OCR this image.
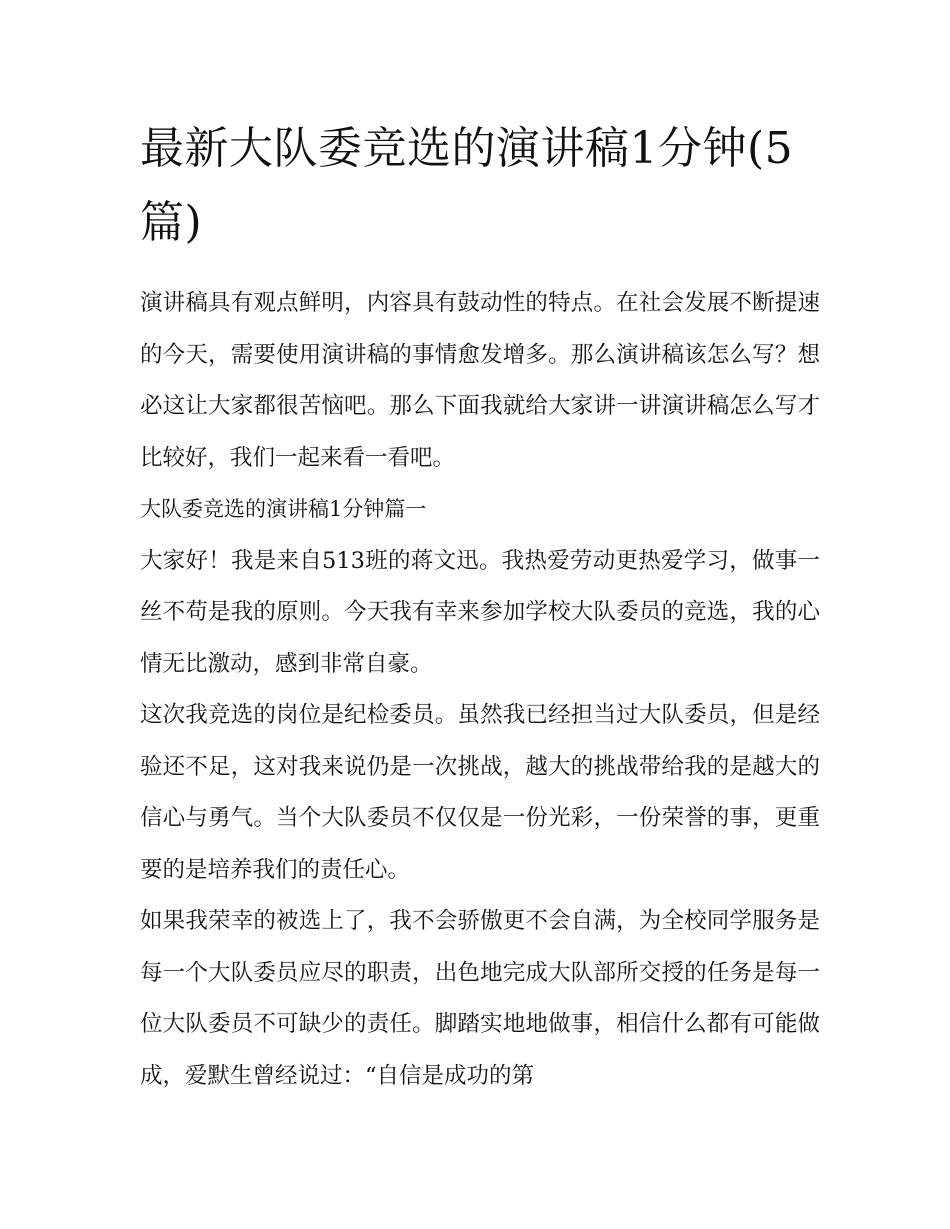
最新大队委竞选的演讲稿1分钟(5篇)

演讲稿具有观点鲜明，内容具有鼓动性的特点。在社会发展不断提速的今天，需要使用演讲稿的事情愈发增多。那么演讲稿该怎么写？想必这让大家都很苦恼吧。那么下面我就给大家讲一讲演讲稿怎么写才比较好，我们一起来看一看吧。

大队委竞选的演讲稿1分钟篇一

大家好！我是来自513班的蒋文迅。我热爱劳动更热爱学习，做事一丝不苟是我的原则。今天我有幸来参加学校大队委员的竞选，我的心情无比激动，感到非常自豪。

这次我竞选的岗位是纪检委员。虽然我已经担当过大队委员，但是经验还不足，这对我来说仍是一次挑战，越大的挑战带给我的是越大的信心与勇气。当个大队委员不仅仅是一份光彩，一份荣誉的事，更重要的是培养我们的责任心。

如果我荣幸的被选上了，我不会骄傲更不会自满，为全校同学服务是每一个大队委员应尽的职责，出色地完成大队部所交授的任务是每一位大队委员不可缺少的责任。脚踏实地地做事，相信什么都有可能做成，爱默生曾经说过：“自信是成功的第
